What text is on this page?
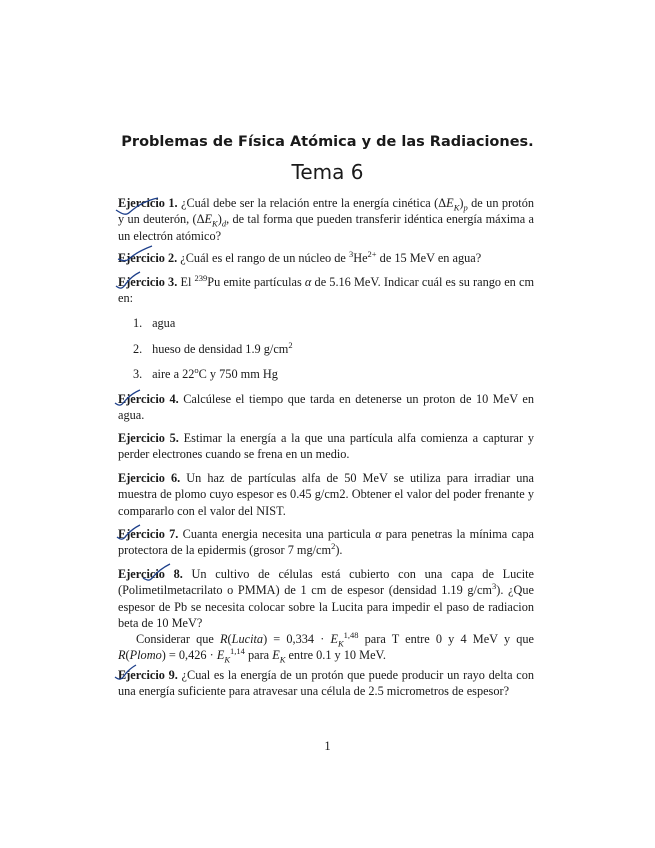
Problemas de Física Atómica y de las Radiaciones.
Tema 6
Ejercicio 1. ¿Cuál debe ser la relación entre la energía cinética $(\Delta E_K)_p$ de un protón y un deuterón, $(\Delta E_K)_d$, de tal forma que pueden transferir idéntica energía máxima a un electrón atómico?
Ejercicio 2. ¿Cuál es el rango de un núcleo de $^3He^{2+}$ de 15 MeV en agua?
Ejercicio 3. El $^{239}$Pu emite partículas α de 5.16 MeV. Indicar cuál es su rango en cm en:
1. agua
2. hueso de densidad 1.9 $g/cm^2$
3. aire a 22$^o$C y 750 mm Hg
Ejercicio 4. Calcúlese el tiempo que tarda en detenerse un proton de 10 MeV en agua.
Ejercicio 5. Estimar la energía a la que una partícula alfa comienza a capturar y perder electrones cuando se frena en un medio.
Ejercicio 6. Un haz de partículas alfa de 50 MeV se utiliza para irradiar una muestra de plomo cuyo espesor es 0.45 g/cm2. Obtener el valor del poder frenante y compararlo con el valor del NIST.
Ejercicio 7. Cuanta energia necesita una particula α para penetras la mínima capa protectora de la epidermis (grosor 7 $mg/cm^2$).
Ejercicio 8. Un cultivo de células está cubierto con una capa de Lucite (Polimetilmetacrilato o PMMA) de 1 cm de espesor (densidad 1.19 $g/cm^3$). ¿Que espesor de Pb se necesita colocar sobre la Lucita para impedir el paso de radiacion beta de 10 MeV?
Considerar que R(Lucita) = $0,334 \cdot E_K^{1,48}$ para T entre 0 y 4 MeV y que R(Plomo) = $0,426 \cdot E_K^{1,14}$ para $E_K$ entre 0.1 y 10 MeV.
Ejercicio 9. ¿Cual es la energía de un protón que puede producir un rayo delta con una energía suficiente para atravesar una célula de 2.5 micrometros de espesor?
1
